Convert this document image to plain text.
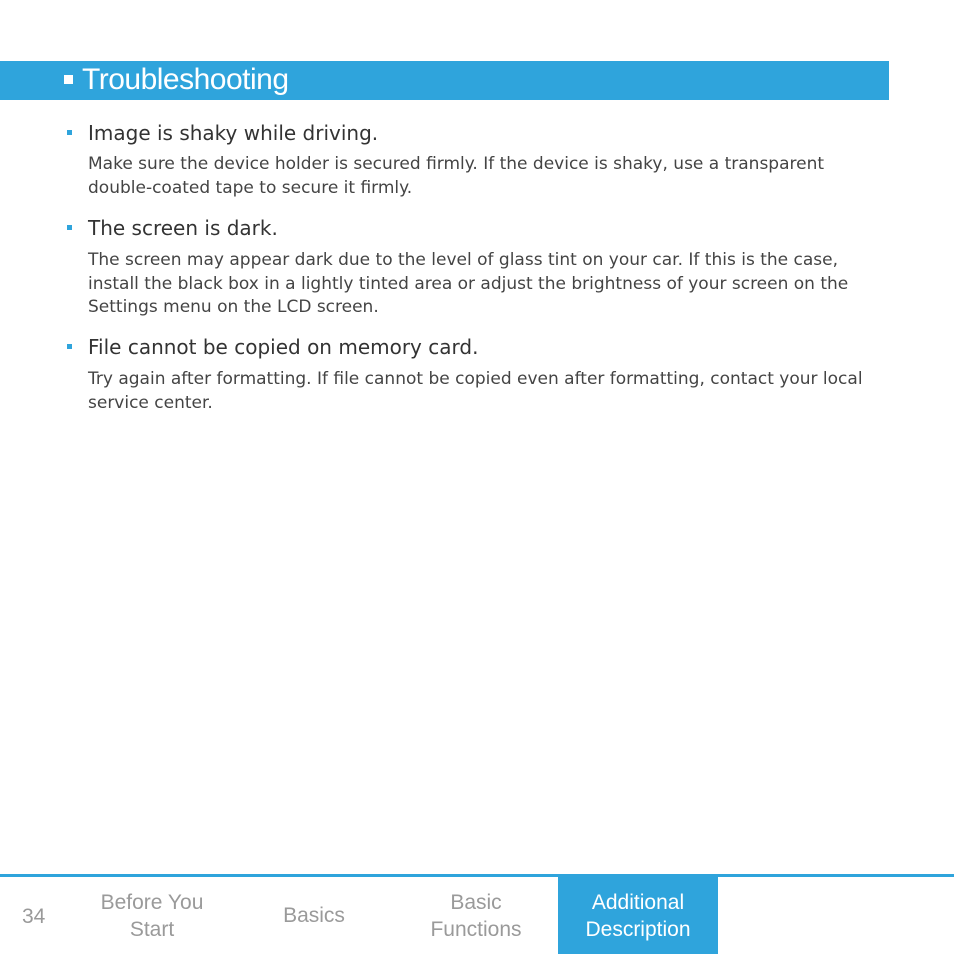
Troubleshooting
Image is shaky while driving.
Make sure the device holder is secured firmly. If the device is shaky, use a transparent double-coated tape to secure it firmly.
The screen is dark.
The screen may appear dark due to the level of glass tint on your car. If this is the case, install the black box in a lightly tinted area or adjust the brightness of your screen on the Settings menu on the LCD screen.
File cannot be copied on memory card.
Try again after formatting. If file cannot be copied even after formatting, contact your local service center.
34
Before You
Start
Basics
Basic
Functions
Additional
Description
